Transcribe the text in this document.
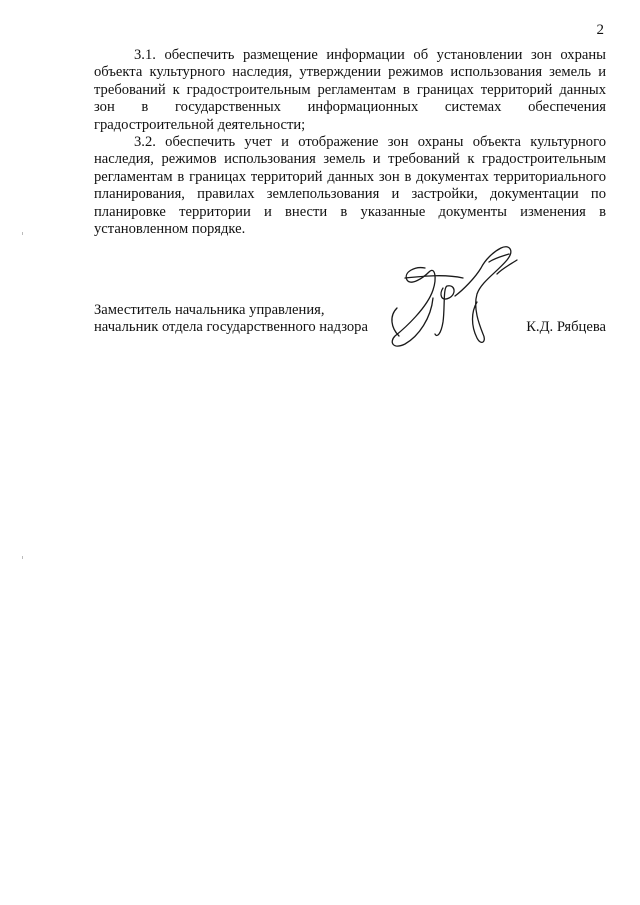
2

3.1. обеспечить размещение информации об установлении зон охраны объекта культурного наследия, утверждении режимов использования земель и требований к градостроительным регламентам в границах территорий данных зон в государственных информационных системах обеспечения градостроительной деятельности;

3.2. обеспечить учет и отображение зон охраны объекта культурного наследия, режимов использования земель и требований к градостроительным регламентам в границах территорий данных зон в документах территориального планирования, правилах землепользования и застройки, документации по планировке территории и внести в указанные документы изменения в установленном порядке.

Заместитель начальника управления,
начальник отдела государственного надзора	К.Д. Рябцева
